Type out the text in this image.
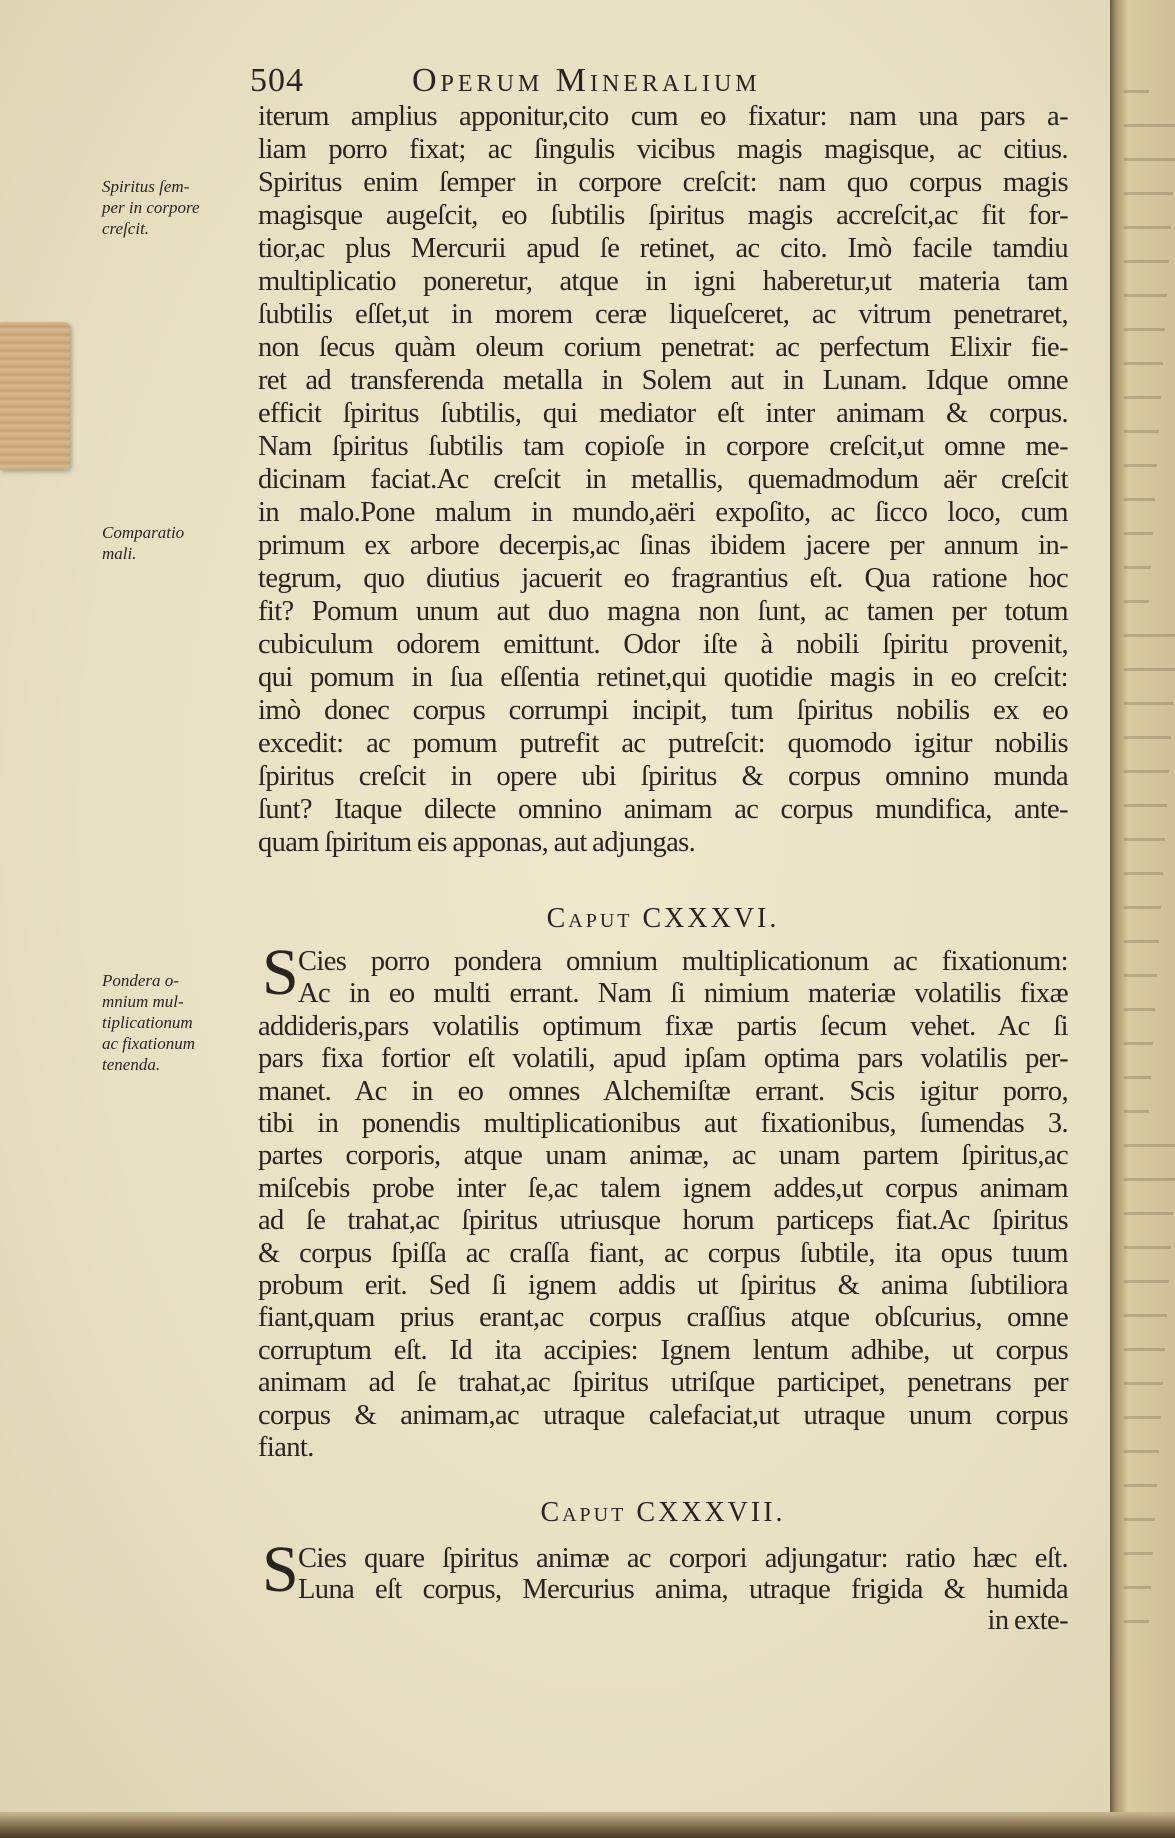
504	Operum Mineralium
iterum amplius apponitur,cito cum eo fixatur: nam una pars a-
liam porro fixat; ac ſingulis vicibus magis magisque, ac citius.
Spiritus enim ſemper in corpore creſcit: nam quo corpus magis
magisque augeſcit, eo ſubtilis ſpiritus magis accreſcit,ac fit for-
tior,ac plus Mercurii apud ſe retinet, ac cito. Imò facile tamdiu
multiplicatio poneretur, atque in igni haberetur,ut materia tam
ſubtilis eſſet,ut in morem ceræ liqueſceret, ac vitrum penetraret,
non ſecus quàm oleum corium penetrat: ac perfectum Elixir fie-
ret ad transferenda metalla in Solem aut in Lunam. Idque omne
efficit ſpiritus ſubtilis, qui mediator eſt inter animam & corpus.
Nam ſpiritus ſubtilis tam copioſe in corpore creſcit,ut omne me-
dicinam faciat.Ac creſcit in metallis, quemadmodum aër creſcit
in malo.Pone malum in mundo,aëri expoſito, ac ſicco loco, cum
primum ex arbore decerpis,ac ſinas ibidem jacere per annum in-
tegrum, quo diutius jacuerit eo fragrantius eſt. Qua ratione hoc
fit? Pomum unum aut duo magna non ſunt, ac tamen per totum
cubiculum odorem emittunt. Odor iſte à nobili ſpiritu provenit,
qui pomum in ſua eſſentia retinet,qui quotidie magis in eo creſcit:
imò donec corpus corrumpi incipit, tum ſpiritus nobilis ex eo
excedit: ac pomum putrefit ac putreſcit: quomodo igitur nobilis
ſpiritus creſcit in opere ubi ſpiritus & corpus omnino munda
ſunt? Itaque dilecte omnino animam ac corpus mundifica, ante-
quam ſpiritum eis apponas, aut adjungas.
Caput CXXXVI.
S Cies porro pondera omnium multiplicationum ac fixationum:
Ac in eo multi errant. Nam ſi nimium materiæ volatilis fixæ
addideris,pars volatilis optimum fixæ partis ſecum vehet. Ac ſi
pars fixa fortior eſt volatili, apud ipſam optima pars volatilis per-
manet. Ac in eo omnes Alchemiſtæ errant. Scis igitur porro,
tibi in ponendis multiplicationibus aut fixationibus, ſumendas 3.
partes corporis, atque unam animæ, ac unam partem ſpiritus,ac
miſcebis probe inter ſe,ac talem ignem addes,ut corpus animam
ad ſe trahat,ac ſpiritus utriusque horum particeps fiat.Ac ſpiritus
& corpus ſpiſſa ac craſſa fiant, ac corpus ſubtile, ita opus tuum
probum erit. Sed ſi ignem addis ut ſpiritus & anima ſubtiliora
fiant,quam prius erant,ac corpus craſſius atque obſcurius, omne
corruptum eſt. Id ita accipies: Ignem lentum adhibe, ut corpus
animam ad ſe trahat,ac ſpiritus utriſque participet, penetrans per
corpus & animam,ac utraque calefaciat,ut utraque unum corpus
fiant.
Caput CXXXVII.
S Cies quare ſpiritus animæ ac corpori adjungatur: ratio hæc eſt.
Luna eſt corpus, Mercurius anima, utraque frigida & humida
in exte-
Spiritus ſem-
per in corpore
creſcit.
Comparatio
mali.
Pondera o-
mnium mul-
tiplicationum
ac fixationum
tenenda.
